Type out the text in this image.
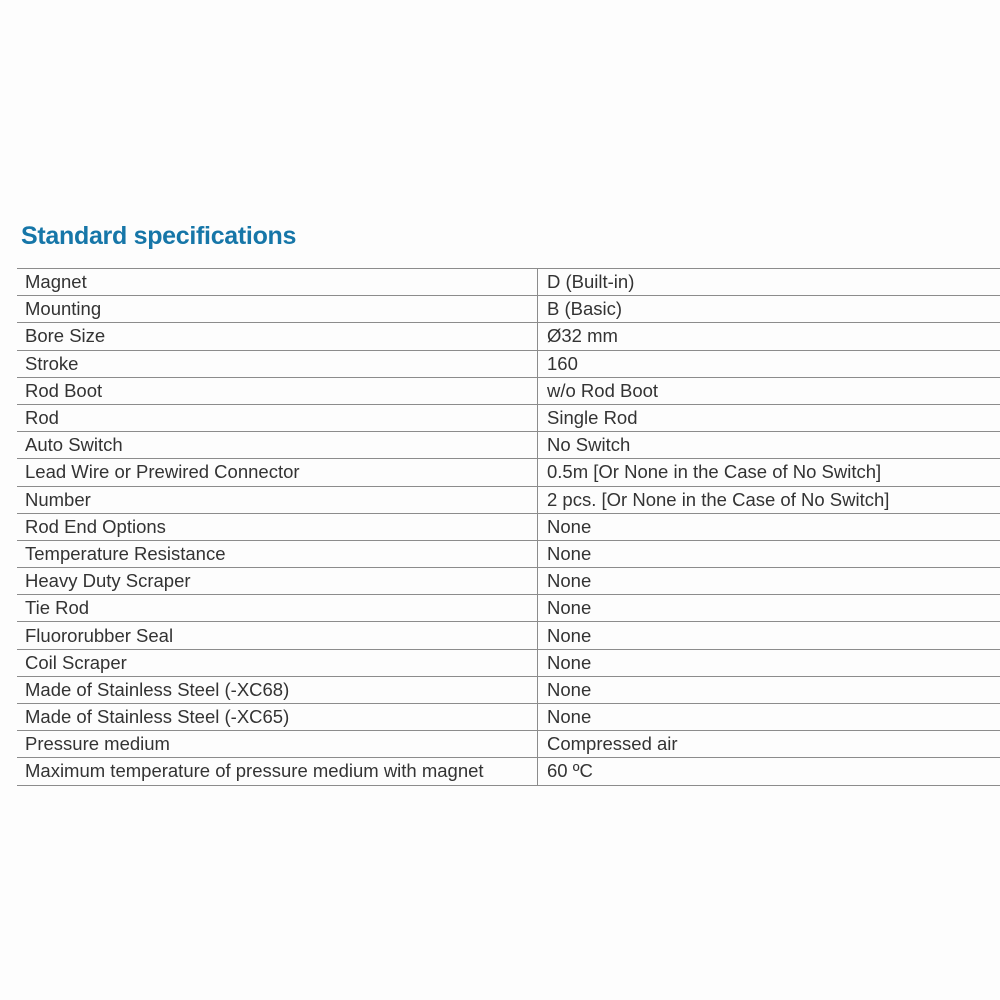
Standard specifications
Magnet	D (Built-in)
Mounting	B (Basic)
Bore Size	Ø32 mm
Stroke	160
Rod Boot	w/o Rod Boot
Rod	Single Rod
Auto Switch	No Switch
Lead Wire or Prewired Connector	0.5m [Or None in the Case of No Switch]
Number	2 pcs. [Or None in the Case of No Switch]
Rod End Options	None
Temperature Resistance	None
Heavy Duty Scraper	None
Tie Rod	None
Fluororubber Seal	None
Coil Scraper	None
Made of Stainless Steel (-XC68)	None
Made of Stainless Steel (-XC65)	None
Pressure medium	Compressed air
Maximum temperature of pressure medium with magnet	60 ºC
